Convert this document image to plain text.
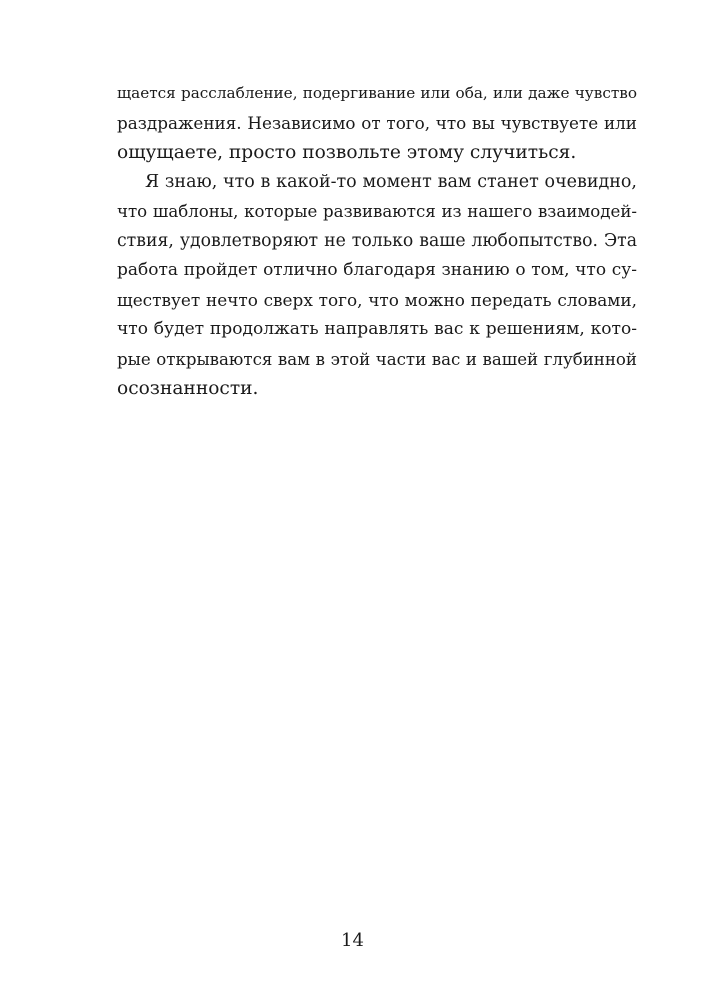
щается расслабление, подергивание или оба, или даже чувство
раздражения. Независимо от того, что вы чувствуете или
ощущаете, просто позвольте этому случиться.
Я знаю, что в какой-то момент вам станет очевидно,
что шаблоны, которые развиваются из нашего взаимодей-
ствия, удовлетворяют не только ваше любопытство. Эта
работа пройдет отлично благодаря знанию о том, что су-
ществует нечто сверх того, что можно передать словами,
что будет продолжать направлять вас к решениям, кото-
рые открываются вам в этой части вас и вашей глубинной
осознанности.
14
